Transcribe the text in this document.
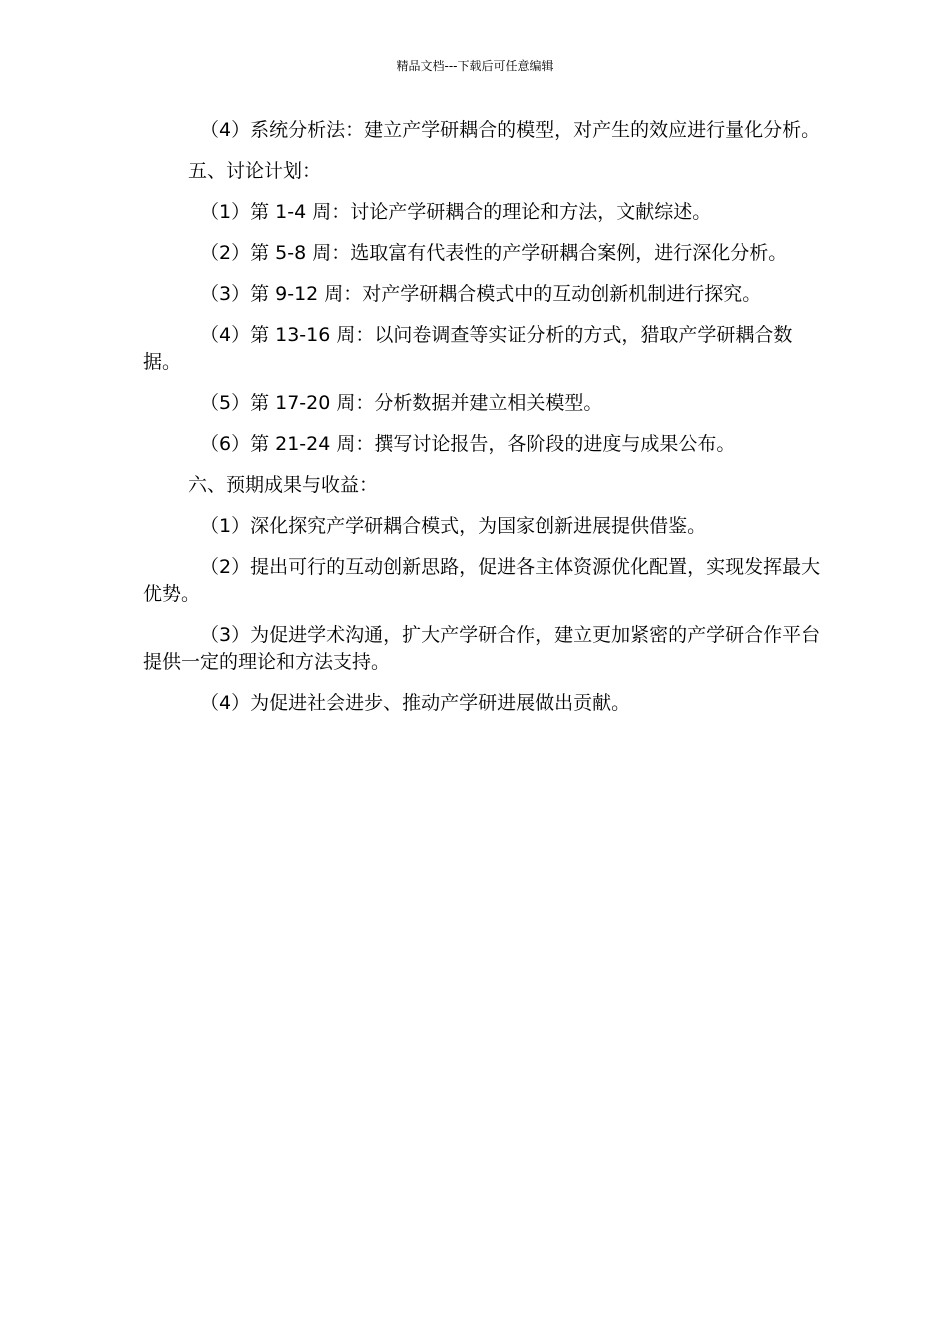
精品文档---下载后可任意编辑

（4）系统分析法：建立产学研耦合的模型，对产生的效应进行量化分析。

五、讨论计划：

（1）第 1-4 周：讨论产学研耦合的理论和方法，文献综述。

（2）第 5-8 周：选取富有代表性的产学研耦合案例，进行深化分析。

（3）第 9-12 周：对产学研耦合模式中的互动创新机制进行探究。

（4）第 13-16 周：以问卷调查等实证分析的方式，猎取产学研耦合数据。

（5）第 17-20 周：分析数据并建立相关模型。

（6）第 21-24 周：撰写讨论报告，各阶段的进度与成果公布。

六、预期成果与收益：

（1）深化探究产学研耦合模式，为国家创新进展提供借鉴。

（2）提出可行的互动创新思路，促进各主体资源优化配置，实现发挥最大优势。

（3）为促进学术沟通，扩大产学研合作，建立更加紧密的产学研合作平台提供一定的理论和方法支持。

（4）为促进社会进步、推动产学研进展做出贡献。
